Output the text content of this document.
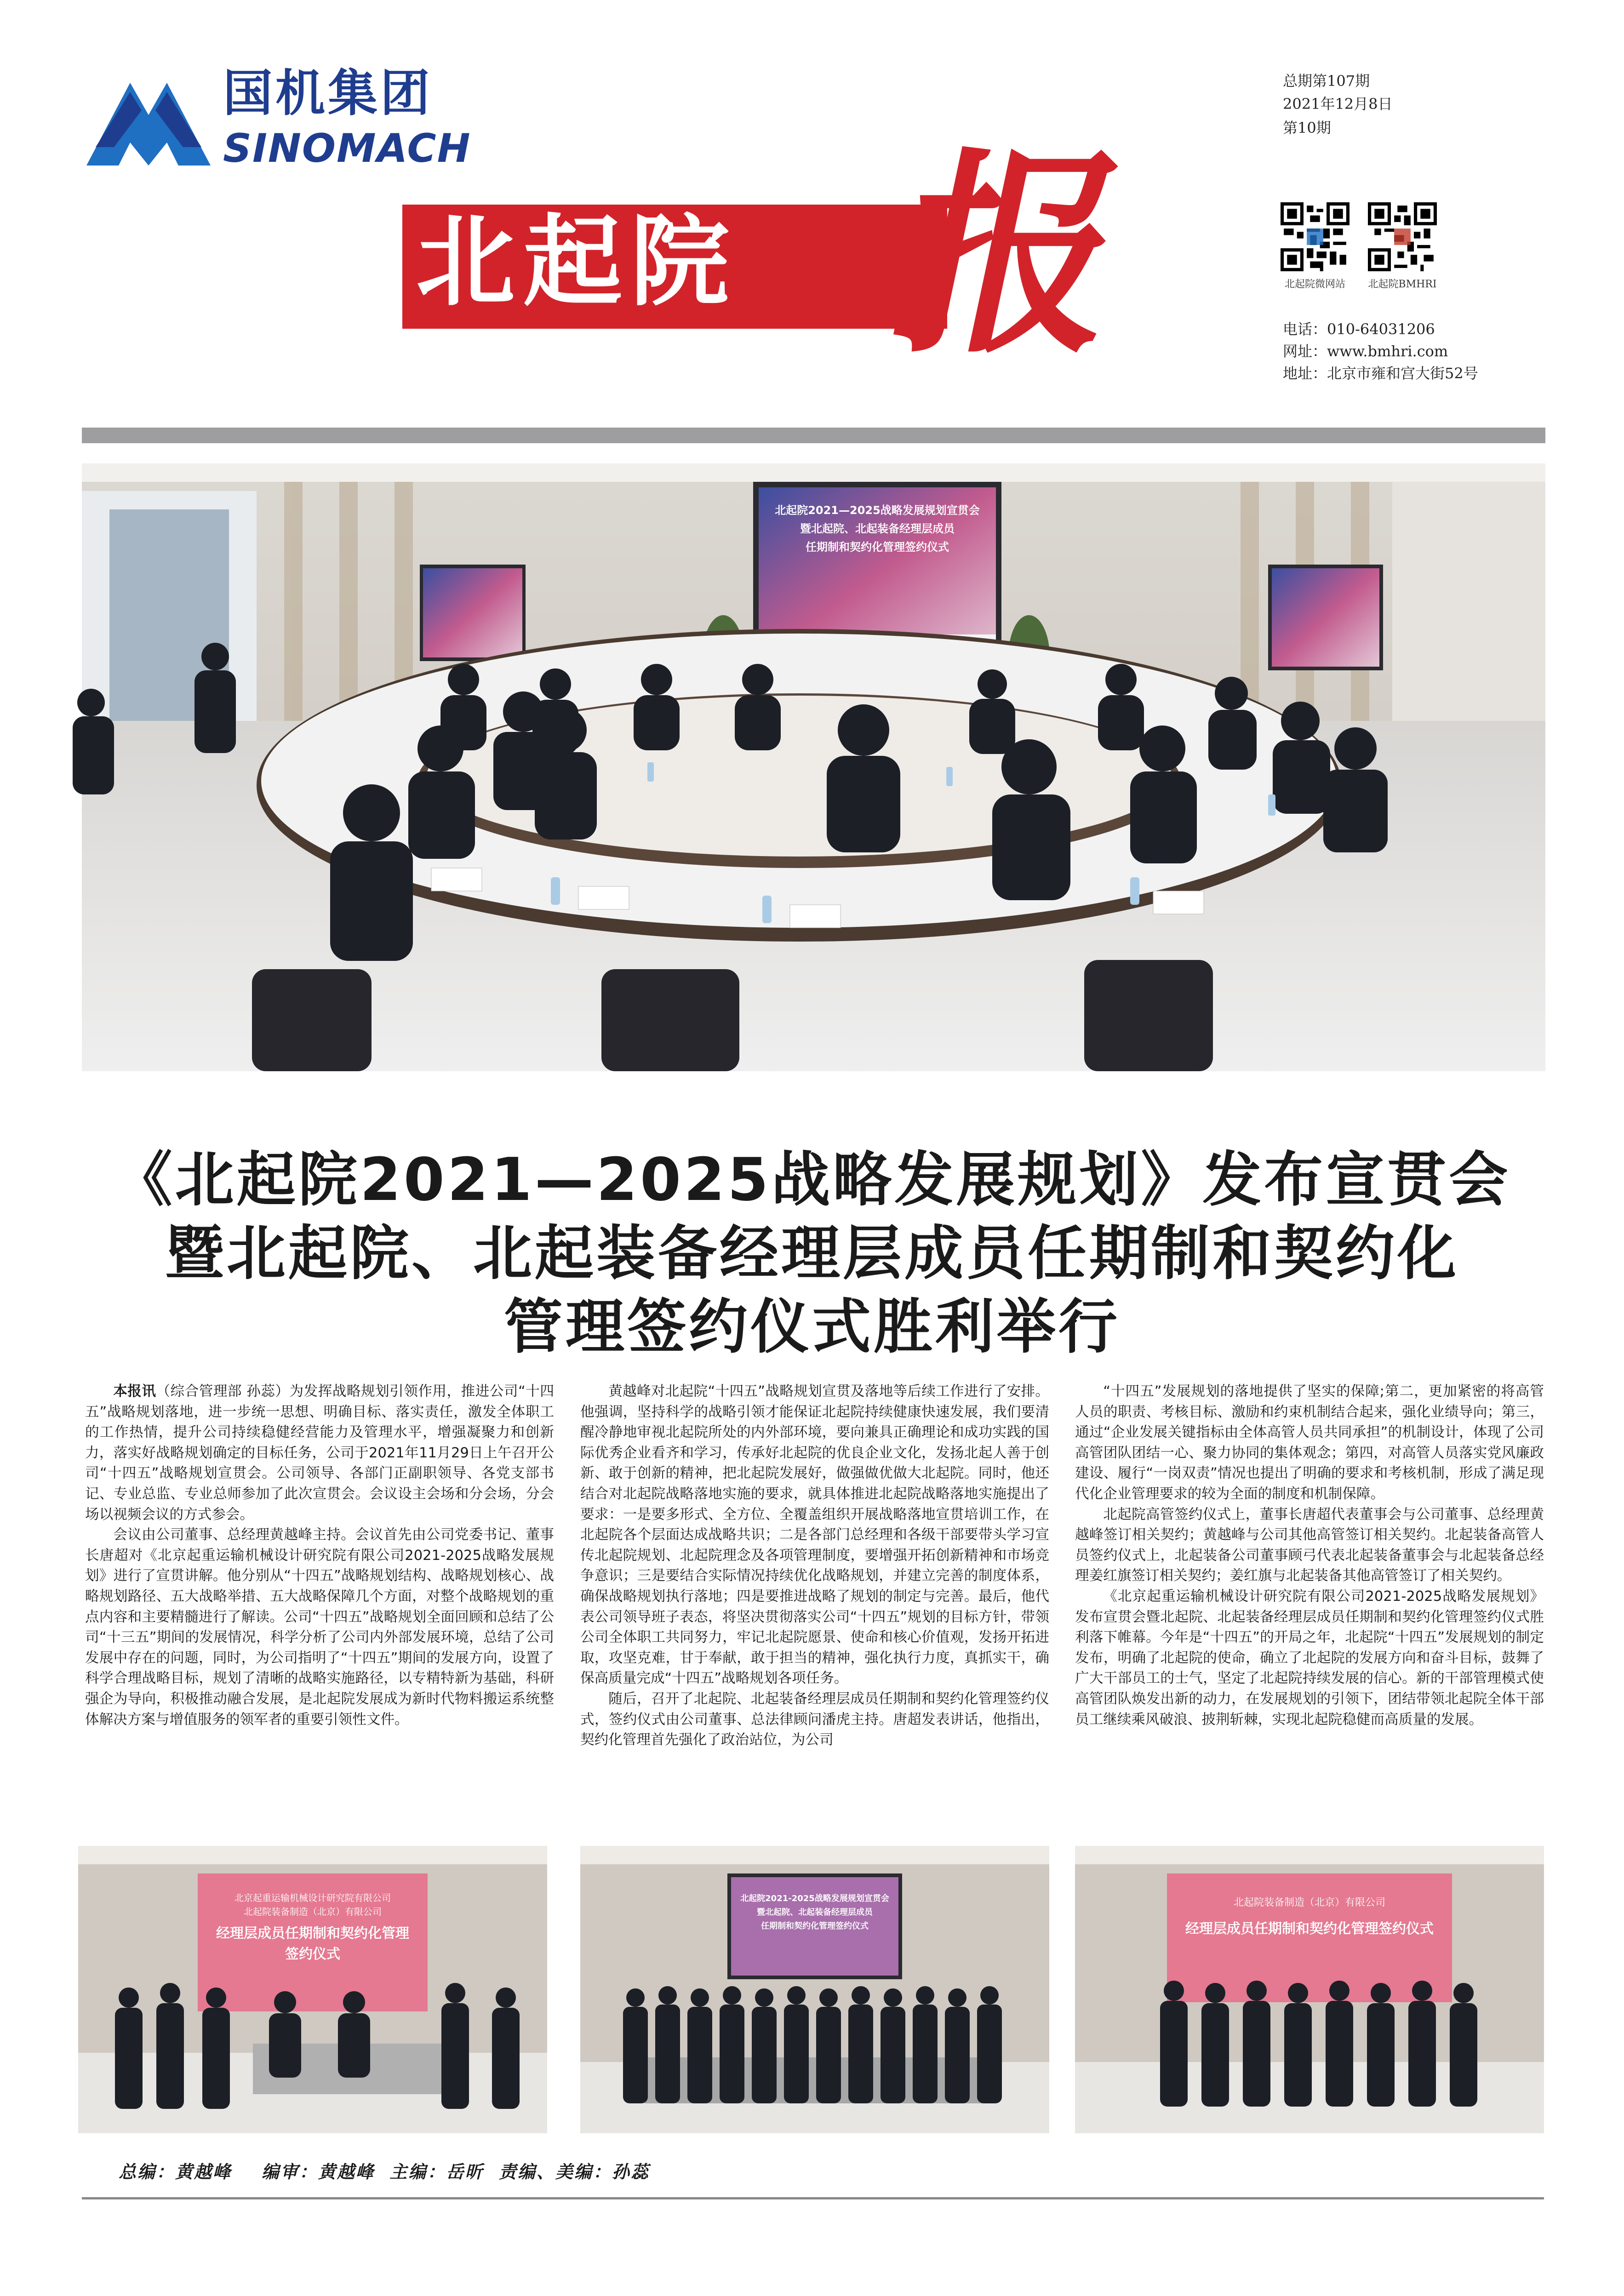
国机集团
SINOMACH
北起院 报
总期第107期
2021年12月8日
第10期
北起院微网站	北起院BMHRI
电话：010-64031206
网址：www.bmhri.com
地址：北京市雍和宫大街52号
北起院2021—2025战略发展规划宣贯会
暨北起院、北起装备经理层成员
任期制和契约化管理签约仪式
《北起院2021—2025战略发展规划》发布宣贯会
暨北起院、北起装备经理层成员任期制和契约化
管理签约仪式胜利举行

本报讯（综合管理部 孙蕊）为发挥战略规划引领作用，推进公司“十四五”战略规划落地，进一步统一思想、明确目标、落实责任，激发全体职工的工作热情，提升公司持续稳健经营能力及管理水平，增强凝聚力和创新力，落实好战略规划确定的目标任务，公司于2021年11月29日上午召开公司“十四五”战略规划宣贯会。公司领导、各部门正副职领导、各党支部书记、专业总监、专业总师参加了此次宣贯会。会议设主会场和分会场，分会场以视频会议的方式参会。

会议由公司董事、总经理黄越峰主持。会议首先由公司党委书记、董事长唐超对《北京起重运输机械设计研究院有限公司2021-2025战略发展规划》进行了宣贯讲解。他分别从“十四五”战略规划结构、战略规划核心、战略规划路径、五大战略举措、五大战略保障几个方面，对整个战略规划的重点内容和主要精髓进行了解读。公司“十四五”战略规划全面回顾和总结了公司“十三五”期间的发展情况，科学分析了公司内外部发展环境，总结了公司发展中存在的问题，同时，为公司指明了“十四五”期间的发展方向，设置了科学合理战略目标，规划了清晰的战略实施路径，以专精特新为基础，科研强企为导向，积极推动融合发展，是北起院发展成为新时代物料搬运系统整体解决方案与增值服务的领军者的重要引领性文件。

黄越峰对北起院“十四五”战略规划宣贯及落地等后续工作进行了安排。他强调，坚持科学的战略引领才能保证北起院持续健康快速发展，我们要清醒冷静地审视北起院所处的内外部环境，要向兼具正确理论和成功实践的国际优秀企业看齐和学习，传承好北起院的优良企业文化，发扬北起人善于创新、敢于创新的精神，把北起院发展好，做强做优做大北起院。同时，他还结合对北起院战略落地实施的要求，就具体推进北起院战略落地实施提出了要求：一是要多形式、全方位、全覆盖组织开展战略落地宣贯培训工作，在北起院各个层面达成战略共识；二是各部门总经理和各级干部要带头学习宣传北起院规划、北起院理念及各项管理制度，要增强开拓创新精神和市场竞争意识；三是要结合实际情况持续优化战略规划，并建立完善的制度体系，确保战略规划执行落地；四是要推进战略了规划的制定与完善。最后，他代表公司领导班子表态，将坚决贯彻落实公司“十四五”规划的目标方针，带领公司全体职工共同努力，牢记北起院愿景、使命和核心价值观，发扬开拓进取，攻坚克难，甘于奉献，敢于担当的精神，强化执行力度，真抓实干，确保高质量完成“十四五”战略规划各项任务。

随后，召开了北起院、北起装备经理层成员任期制和契约化管理签约仪式，签约仪式由公司董事、总法律顾问潘虎主持。唐超发表讲话，他指出，契约化管理首先强化了政治站位，为公司

“十四五”发展规划的落地提供了坚实的保障;第二，更加紧密的将高管人员的职责、考核目标、激励和约束机制结合起来，强化业绩导向；第三，通过“企业发展关键指标由全体高管人员共同承担”的机制设计，体现了公司高管团队团结一心、聚力协同的集体观念；第四，对高管人员落实党风廉政建设、履行“一岗双责”情况也提出了明确的要求和考核机制，形成了满足现代化企业管理要求的较为全面的制度和机制保障。

北起院高管签约仪式上，董事长唐超代表董事会与公司董事、总经理黄越峰签订相关契约；黄越峰与公司其他高管签订相关契约。北起装备高管人员签约仪式上，北起装备公司董事顾弓代表北起装备董事会与北起装备总经理姜红旗签订相关契约；姜红旗与北起装备其他高管签订了相关契约。

《北京起重运输机械设计研究院有限公司2021-2025战略发展规划》发布宣贯会暨北起院、北起装备经理层成员任期制和契约化管理签约仪式胜利落下帷幕。今年是“十四五”的开局之年，北起院“十四五”发展规划的制定发布，明确了北起院的使命，确立了北起院的发展方向和奋斗目标，鼓舞了广大干部员工的士气，坚定了北起院持续发展的信心。新的干部管理模式使高管团队焕发出新的动力，在发展规划的引领下，团结带领北起院全体干部员工继续乘风破浪、披荆斩棘，实现北起院稳健而高质量的发展。

北京起重运输机械设计研究院有限公司
北起院装备制造（北京）有限公司
经理层成员任期制和契约化管理
签约仪式
北起院2021-2025战略发展规划宣贯会
暨北起院、北起装备经理层成员
任期制和契约化管理签约仪式
北起院装备制造（北京）有限公司
经理层成员任期制和契约化管理签约仪式
总编：黄越峰    编审：黄越峰  主编：岳昕  责编、美编：孙蕊
